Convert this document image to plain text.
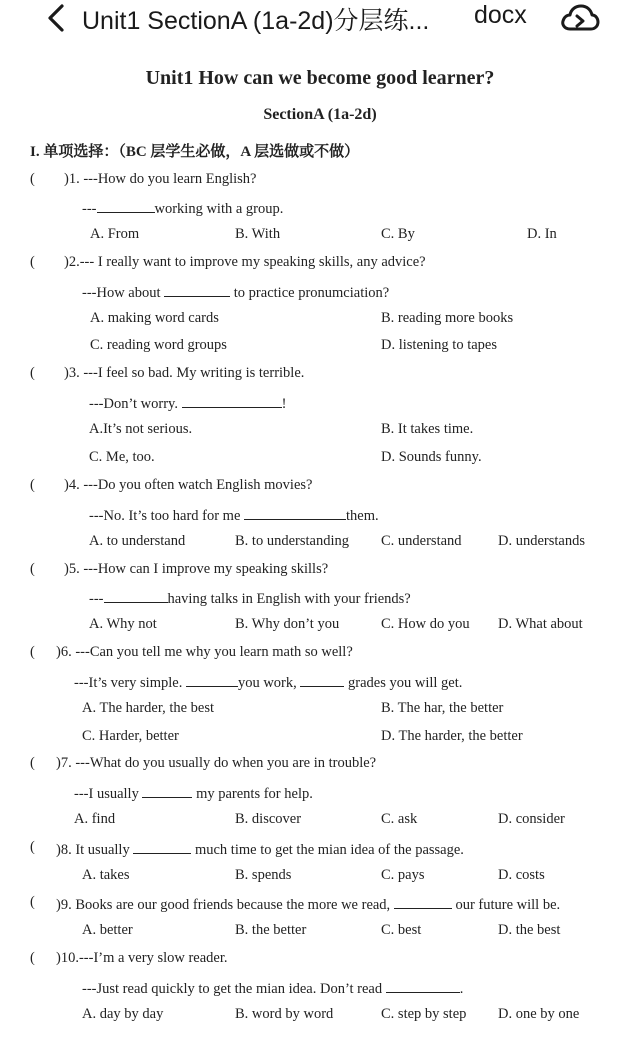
Unit1 SectionA (1a-2d)分层练... docx
Unit1 How can we become good learner?
SectionA (1a-2d)
I. 单项选择：（BC 层学生必做，A 层选做或不做）
( )1. ---How do you learn English?
---	working with a group.
A. From	B. With	C. By	D. In
( )2.--- I really want to improve my speaking skills, any advice?
---How about	to practice pronumciation?
A. making word cards	B. reading more books
C. reading word groups	D. listening to tapes
( )3. ---I feel so bad. My writing is terrible.
---Don’t worry.	!
A.It’s not serious.	B. It takes time.
C. Me, too.	D. Sounds funny.
( )4. ---Do you often watch English movies?
---No. It’s too hard for me	them.
A. to understand	B. to understanding C. understand	D. understands
( )5. ---How can I improve my speaking skills?
---	having talks in English with your friends?
A. Why not	B. Why don’t you	C. How do you D. What about
( )6. ---Can you tell me why you learn math so well?
---It’s very simple.	you work,	grades you will get.
A. The harder, the best	B. The har, the better
C. Harder, better	D. The harder, the better
( )7. ---What do you usually do when you are in trouble?
---I usually	my parents for help.
A. find	B. discover	C. ask	D. consider
( )8. It usually	much time to get the mian idea of the passage.
A. takes	B. spends	C. pays	D. costs
( )9. Books are our good friends because the more we read,	our future will be.
A. better	B. the better	C. best	D. the best
( )10.---I’m a very slow reader.
---Just read quickly to get the mian idea. Don’t read	.
A. day by day	B. word by word	C. step by step D. one by one
